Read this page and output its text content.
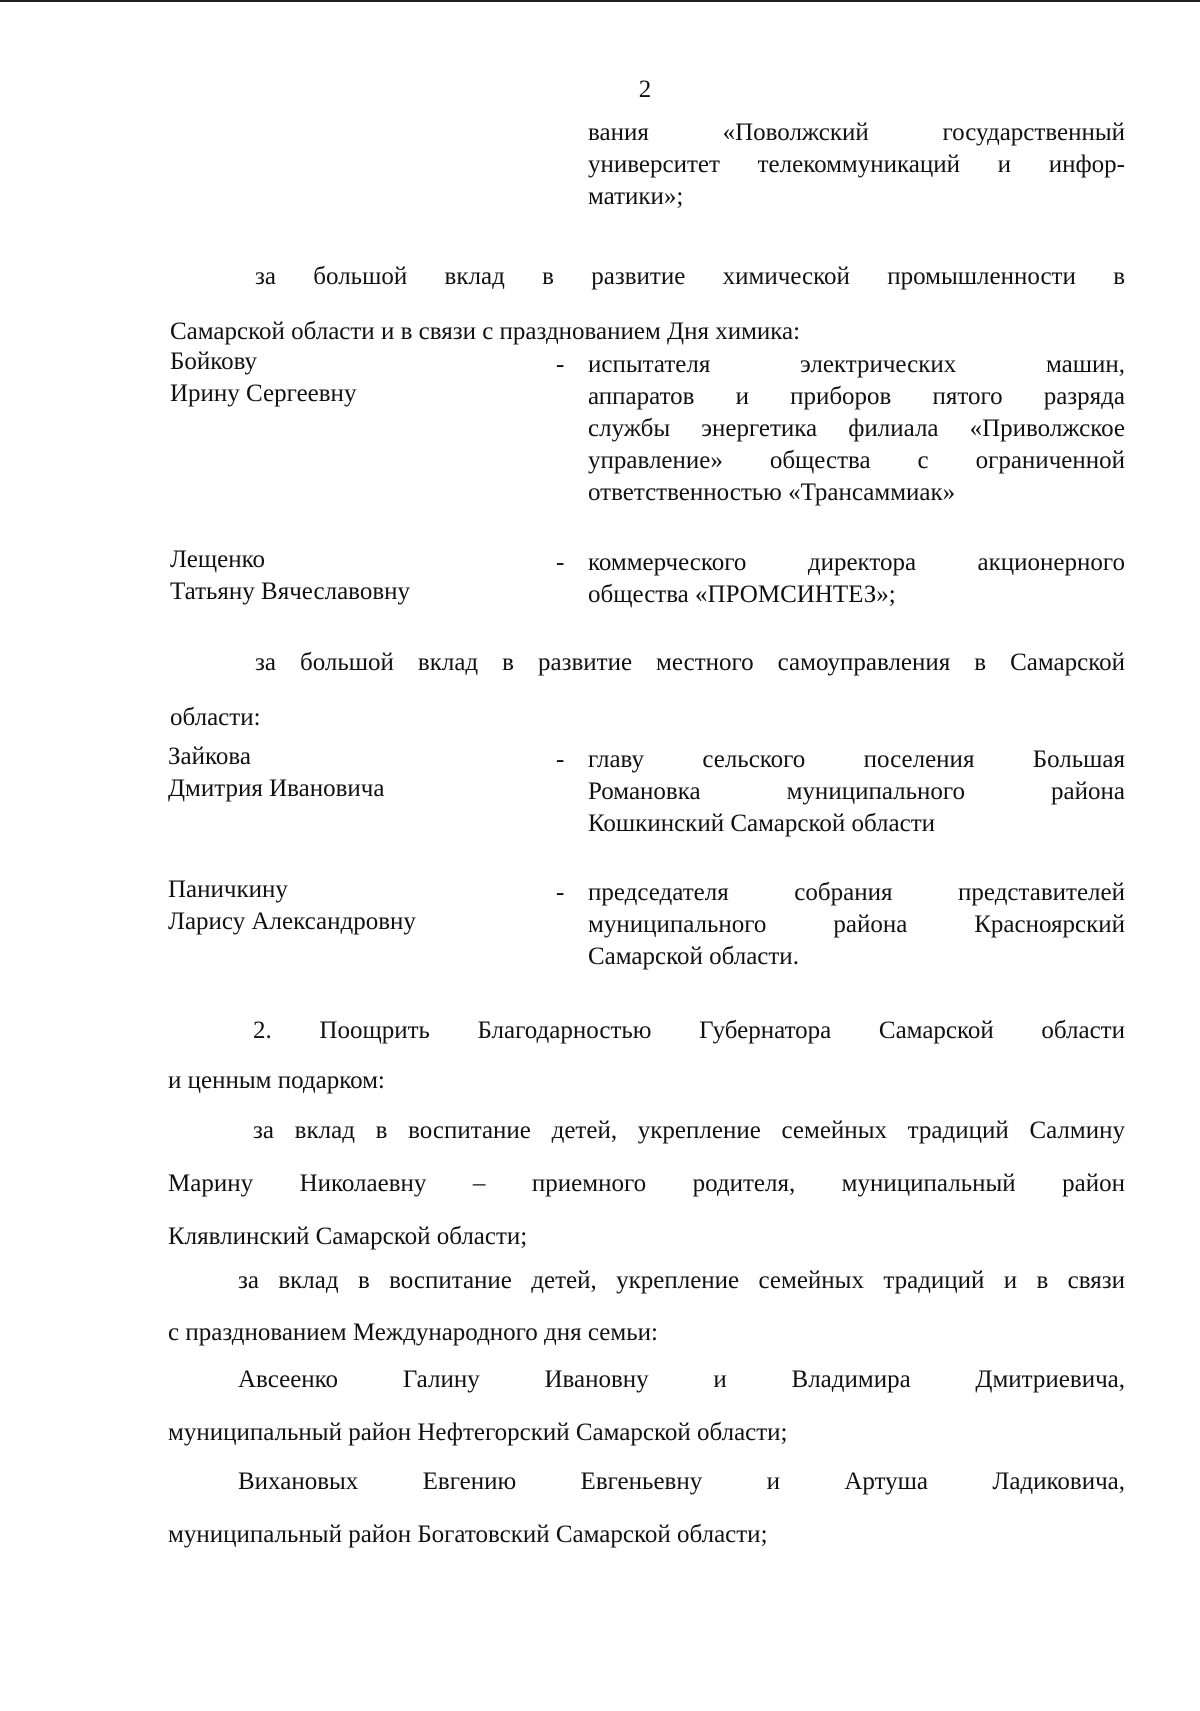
2
вания «Поволжский государственный
университет телекоммуникаций и инфор-
матики»;
за большой вклад в развитие химической промышленности в
Самарской области и в связи с празднованием Дня химика:
Бойкову
Ирину Сергеевну
- испытателя электрических машин,
аппаратов и приборов пятого разряда
службы энергетика филиала «Приволжское
управление» общества с ограниченной
ответственностью «Трансаммиак»
Лещенко
Татьяну Вячеславовну
- коммерческого директора акционерного
общества «ПРОМСИНТЕЗ»;
за большой вклад в развитие местного самоуправления в Самарской
области:
Зайкова
Дмитрия Ивановича
- главу сельского поселения Большая
Романовка муниципального района
Кошкинский Самарской области
Паничкину
Ларису Александровну
- председателя собрания представителей
муниципального района Красноярский
Самарской области.
2. Поощрить Благодарностью Губернатора Самарской области
и ценным подарком:
за вклад в воспитание детей, укрепление семейных традиций Салмину
Марину Николаевну – приемного родителя, муниципальный район
Клявлинский Самарской области;
за вклад в воспитание детей, укрепление семейных традиций и в связи
с празднованием Международного дня семьи:
Авсеенко Галину Ивановну и Владимира Дмитриевича,
муниципальный район Нефтегорский Самарской области;
Вихановых Евгению Евгеньевну и Артуша Ладиковича,
муниципальный район Богатовский Самарской области;
